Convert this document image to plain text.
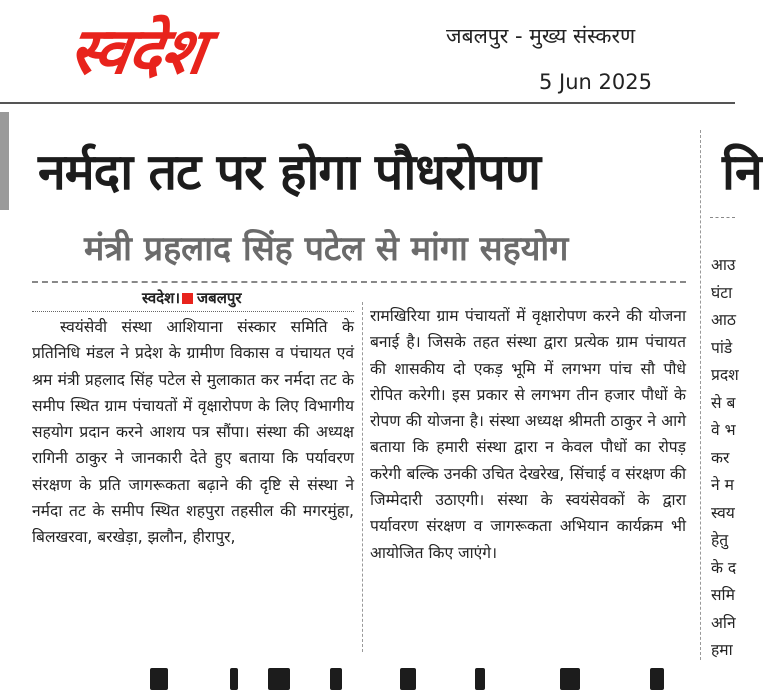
स्वदेश	जबलपुर - मुख्य संस्करण
5 Jun 2025
नर्मदा तट पर होगा पौधरोपण
मंत्री प्रहलाद सिंह पटेल से मांगा सहयोग
स्वदेश। जबलपुर
स्वयंसेवी संस्था आशियाना संस्कार समिति के प्रतिनिधि मंडल ने प्रदेश के ग्रामीण विकास व पंचायत एवं श्रम मंत्री प्रहलाद सिंह पटेल से मुलाकात कर नर्मदा तट के समीप स्थित ग्राम पंचायतों में वृक्षारोपण के लिए विभागीय सहयोग प्रदान करने आशय पत्र सौंपा। संस्था की अध्यक्ष रागिनी ठाकुर ने जानकारी देते हुए बताया कि पर्यावरण संरक्षण के प्रति जागरूकता बढ़ाने की दृष्टि से संस्था ने नर्मदा तट के समीप स्थित शहपुरा तहसील की मगरमुंहा, बिलखरवा, बरखेड़ा, झलौन, हीरापुर,
रामखिरिया ग्राम पंचायतों में वृक्षारोपण करने की योजना बनाई है। जिसके तहत संस्था द्वारा प्रत्येक ग्राम पंचायत की शासकीय दो एकड़ भूमि में लगभग पांच सौ पौधे रोपित करेगी। इस प्रकार से लगभग तीन हजार पौधों के रोपण की योजना है। संस्था अध्यक्ष श्रीमती ठाकुर ने आगे बताया कि हमारी संस्था द्वारा न केवल पौधों का रोपड़ करेगी बल्कि उनकी उचित देखरेख, सिंचाई व संरक्षण की जिम्मेदारी उठाएगी। संस्था के स्वयंसेवकों के द्वारा पर्यावरण संरक्षण व जागरूकता अभियान कार्यक्रम भी आयोजित किए जाएंगे।
नि
आउ
घंटा
आठ
पांडे
प्रदश
से ब
वे भ
कर
ने म
स्वय
हेतु
के द
समि
अनि
हमा
